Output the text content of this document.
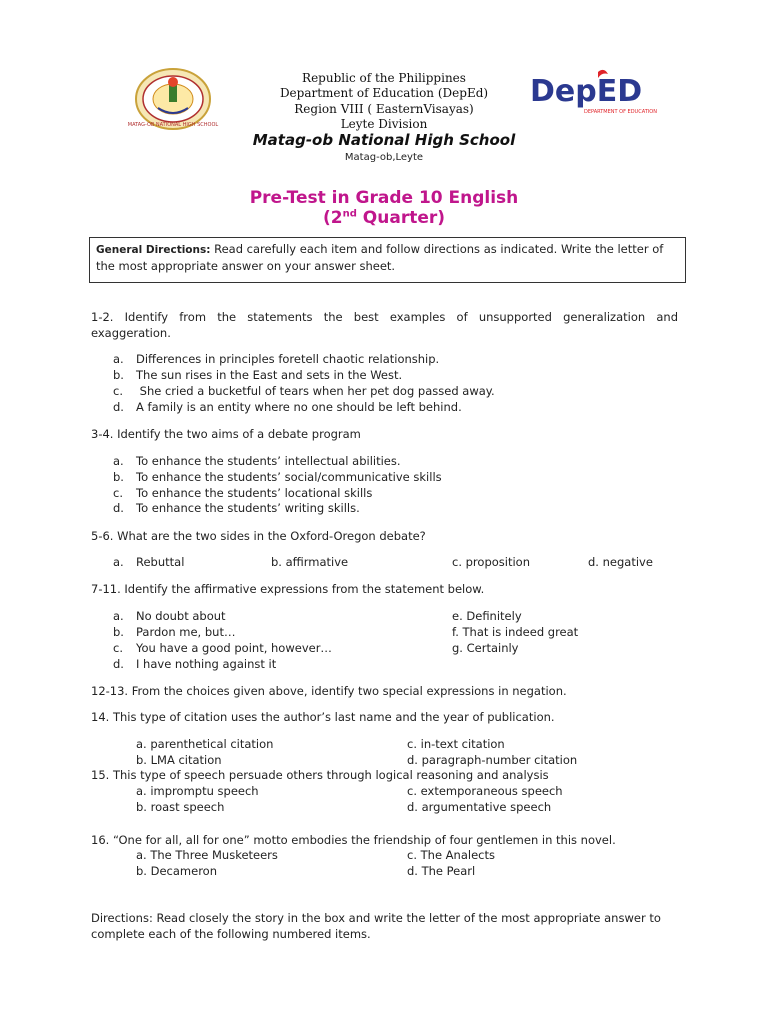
MATAG-OB NATIONAL HIGH SCHOOL
DepED
DEPARTMENT OF EDUCATION
Republic of the Philippines
Department of Education (DepEd)
Region VIII ( EasternVisayas)
Leyte Division
Matag-ob National High School
Matag-ob,Leyte
Pre-Test in Grade 10 English
(2nd Quarter)
General Directions: Read carefully each item and follow directions as indicated. Write the letter of the most appropriate answer on your answer sheet.
1-2. Identify from the statements the best examples of unsupported generalization and exaggeration.
a. Differences in principles foretell chaotic relationship.
b. The sun rises in the East and sets in the West.
c. She cried a bucketful of tears when her pet dog passed away.
d. A family is an entity where no one should be left behind.
3-4. Identify the two aims of a debate program
a. To enhance the students’ intellectual abilities.
b. To enhance the students’ social/communicative skills
c. To enhance the students’ locational skills
d. To enhance the students’ writing skills.
5-6. What are the two sides in the Oxford-Oregon debate?
a. Rebuttal	b. affirmative	c. proposition	d. negative
7-11. Identify the affirmative expressions from the statement below.
a. No doubt about
b. Pardon me, but…
c. You have a good point, however…
d. I have nothing against it
e. Definitely
f. That is indeed great
g. Certainly
12-13. From the choices given above, identify two special expressions in negation.
14. This type of citation uses the author’s last name and the year of publication.
a. parenthetical citation	c. in-text citation
b. LMA citation	d. paragraph-number citation
15. This type of speech persuade others through logical reasoning and analysis
a. impromptu speech	c. extemporaneous speech
b. roast speech	d. argumentative speech
16. “One for all, all for one” motto embodies the friendship of four gentlemen in this novel.
a. The Three Musketeers	c. The Analects
b. Decameron	d. The Pearl
Directions: Read closely the story in the box and write the letter of the most appropriate answer to complete each of the following numbered items.
